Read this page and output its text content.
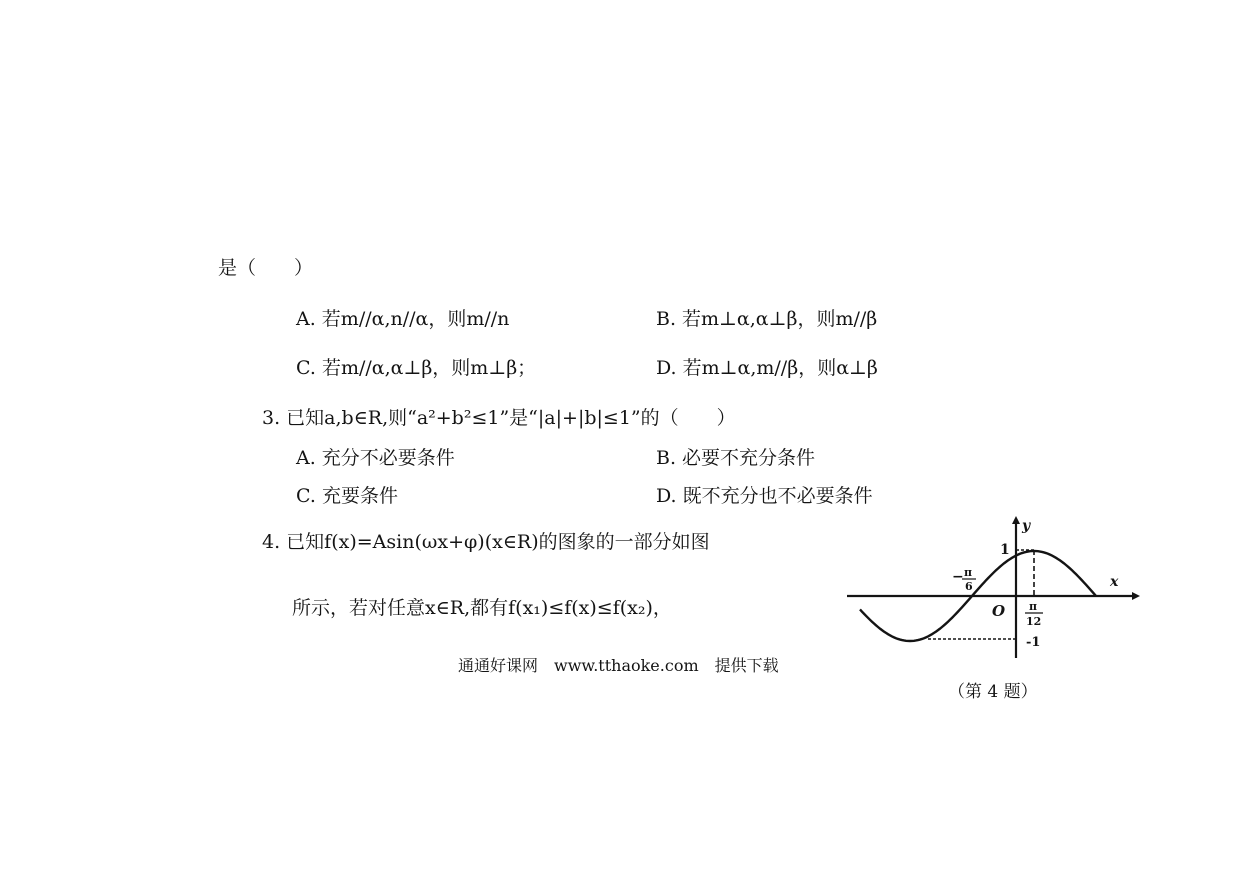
是（　　）
A. 若m//α,n//α，则m//n	B. 若m⊥α,α⊥β，则m//β
C. 若m//α,α⊥β，则m⊥β；	D. 若m⊥α,m//β，则α⊥β
3. 已知a,b∈R,则“a²+b²≤1”是“|a|+|b|≤1”的（　　）
A. 充分不必要条件	B. 必要不充分条件
C. 充要条件	D. 既不充分也不必要条件
4. 已知f(x)=Asin(ωx+φ)(x∈R)的图象的一部分如图
所示，若对任意x∈R,都有f(x₁)≤f(x)≤f(x₂)，
通通好课网　www.tthaoke.com　提供下载
y
x
O
1
-1
− π
6
π
12
（第 4 题）
